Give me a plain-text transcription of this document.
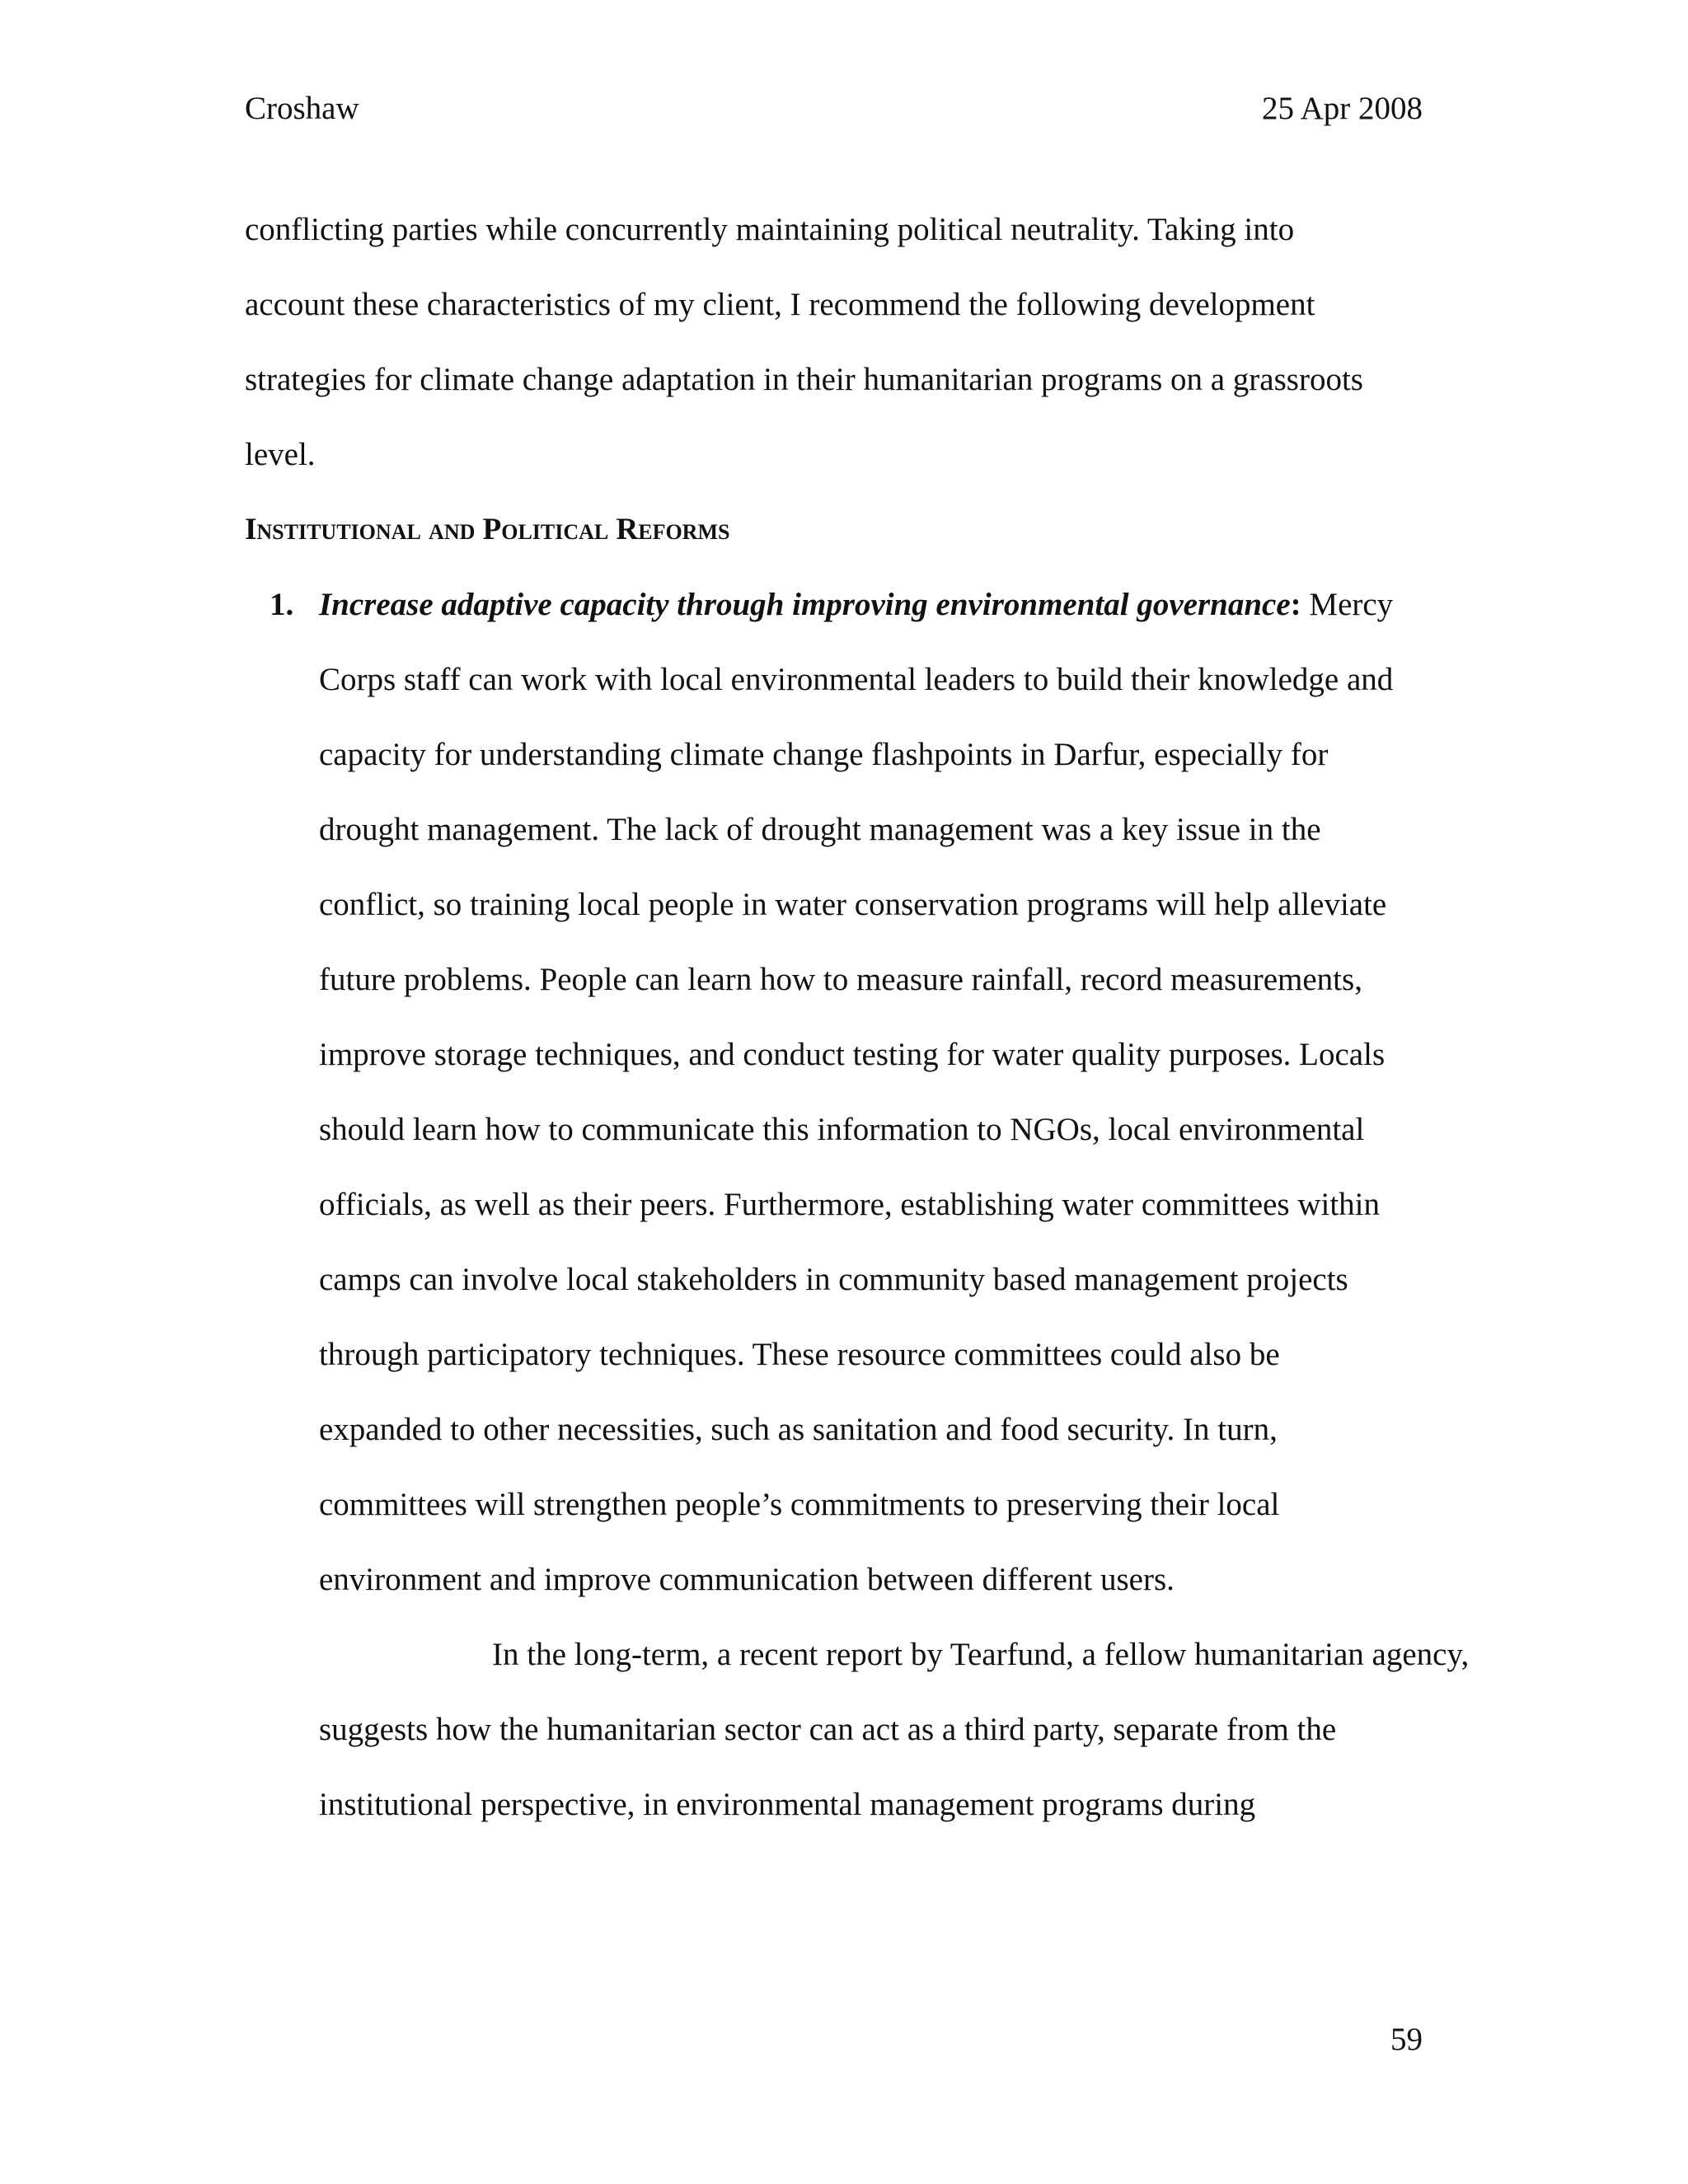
Croshaw	25 Apr 2008
conflicting parties while concurrently maintaining political neutrality. Taking into
account these characteristics of my client, I recommend the following development
strategies for climate change adaptation in their humanitarian programs on a grassroots
level.
Institutional and Political Reforms
1. Increase adaptive capacity through improving environmental governance: Mercy
Corps staff can work with local environmental leaders to build their knowledge and
capacity for understanding climate change flashpoints in Darfur, especially for
drought management. The lack of drought management was a key issue in the
conflict, so training local people in water conservation programs will help alleviate
future problems. People can learn how to measure rainfall, record measurements,
improve storage techniques, and conduct testing for water quality purposes. Locals
should learn how to communicate this information to NGOs, local environmental
officials, as well as their peers. Furthermore, establishing water committees within
camps can involve local stakeholders in community based management projects
through participatory techniques. These resource committees could also be
expanded to other necessities, such as sanitation and food security. In turn,
committees will strengthen people’s commitments to preserving their local
environment and improve communication between different users.
In the long-term, a recent report by Tearfund, a fellow humanitarian agency,
suggests how the humanitarian sector can act as a third party, separate from the
institutional perspective, in environmental management programs during
59
